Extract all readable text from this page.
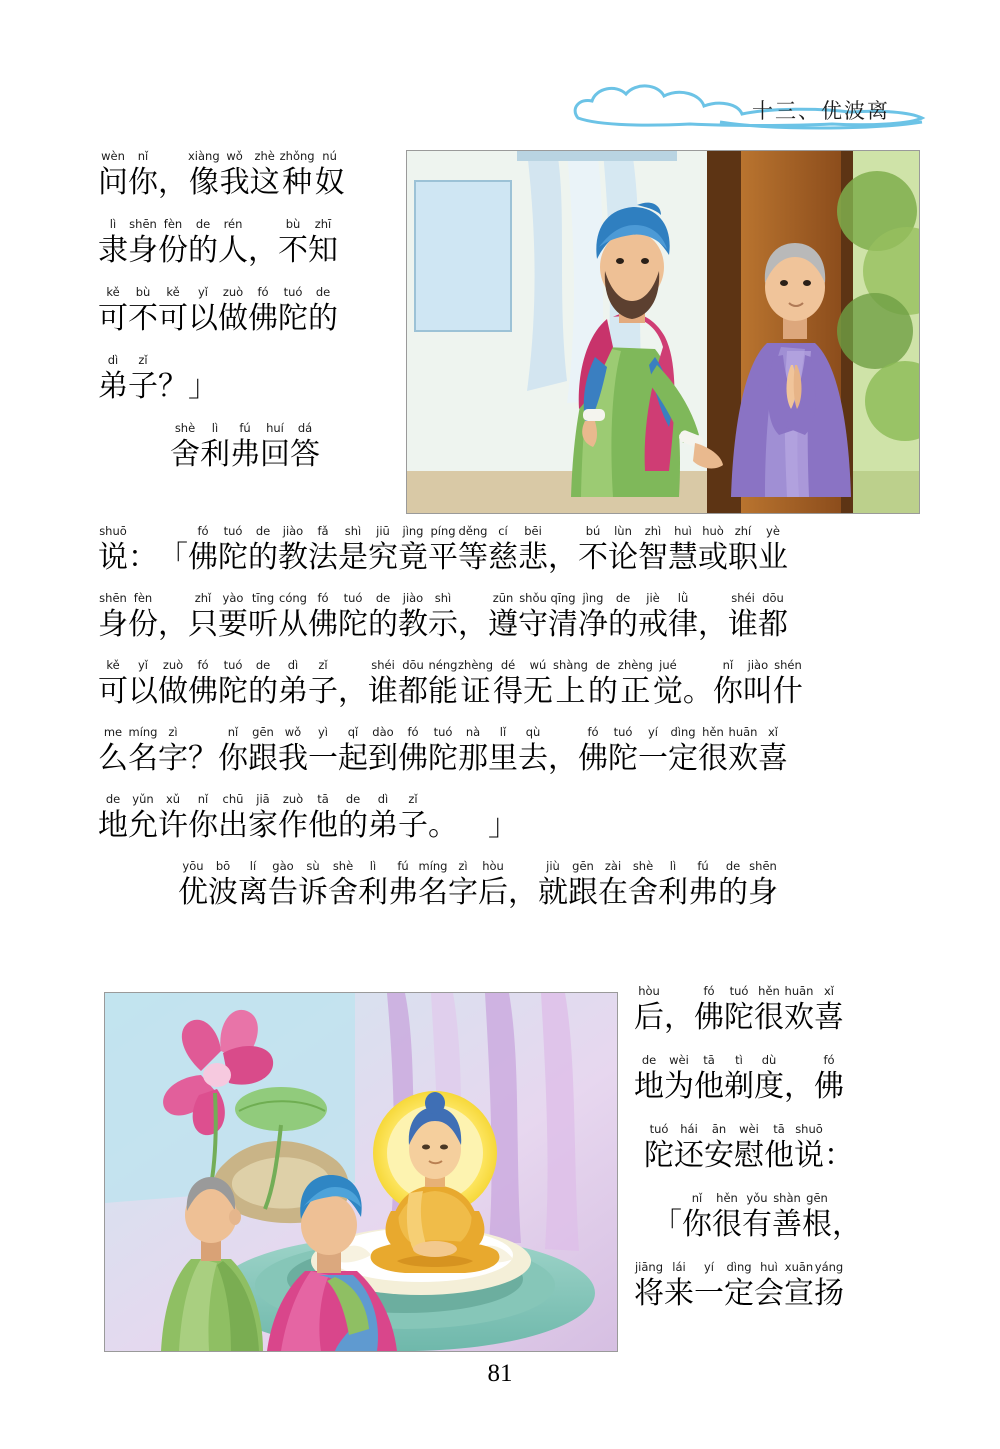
十三、优波离
wèn
问
nǐ
你 ，
xiàng
像
wǒ
我
zhè
这
zhǒng
种
nú
奴
lì
隶
shēn
身
fèn
份
de
的
rén
人 ，
bù
不
zhī
知
kě
可
bù
不
kě
可
yǐ
以
zuò
做
fó
佛
tuó
陀
de
的
dì
弟
zǐ
子 ？ 」
shè
舍
lì
利
fú
弗
huí
回
dá
答
shuō
说 ： 「
fó
佛
tuó
陀
de
的
jiào
教
fǎ
法
shì
是
jiū
究
jìng
竟
píng
平
děng
等
cí
慈
bēi
悲 ，
bú
不
lùn
论
zhì
智
huì
慧
huò
或
zhí
职
yè
业
shēn
身
fèn
份 ，
zhǐ
只
yào
要
tīng
听
cóng
从
fó
佛
tuó
陀
de
的
jiào
教
shì
示 ，
zūn
遵
shǒu
守
qīng
清
jìng
净
de
的
jiè
戒
lǜ
律 ，
shéi
谁
dōu
都
kě
可
yǐ
以
zuò
做
fó
佛
tuó
陀
de
的
dì
弟
zǐ
子 ，
shéi
谁
dōu
都
néng
能
zhèng
证
dé
得
wú
无
shàng
上
de
的
zhèng
正
jué
觉 。
nǐ
你
jiào
叫
shén
什
me
么
míng
名
zì
字 ？
nǐ
你
gēn
跟
wǒ
我
yì
一
qǐ
起
dào
到
fó
佛
tuó
陀
nà
那
lǐ
里
qù
去 ，
fó
佛
tuó
陀
yí
一
dìng
定
hěn
很
huān
欢
xǐ
喜
de
地
yǔn
允
xǔ
许
nǐ
你
chū
出
jiā
家
zuò
作
tā
他
de
的
dì
弟
zǐ
子 。
　 」
yōu
优
bō
波
lí
离
gào
告
sù
诉
shè
舍
lì
利
fú
弗
míng
名
zì
字
hòu
后 ，
jiù
就
gēn
跟
zài
在
shè
舍
lì
利
fú
弗
de
的
shēn
身
hòu
后 ，
fó
佛
tuó
陀
hěn
很
huān
欢
xǐ
喜
de
地
wèi
为
tā
他
tì
剃
dù
度 ，
fó
佛
tuó
陀
hái
还
ān
安
wèi
慰
tā
他
shuō
说 ：
「
nǐ
你
hěn
很
yǒu
有
shàn
善
gēn
根 ，
jiāng
将
lái
来
yí
一
dìng
定
huì
会
xuān
宣
yáng
扬
81
